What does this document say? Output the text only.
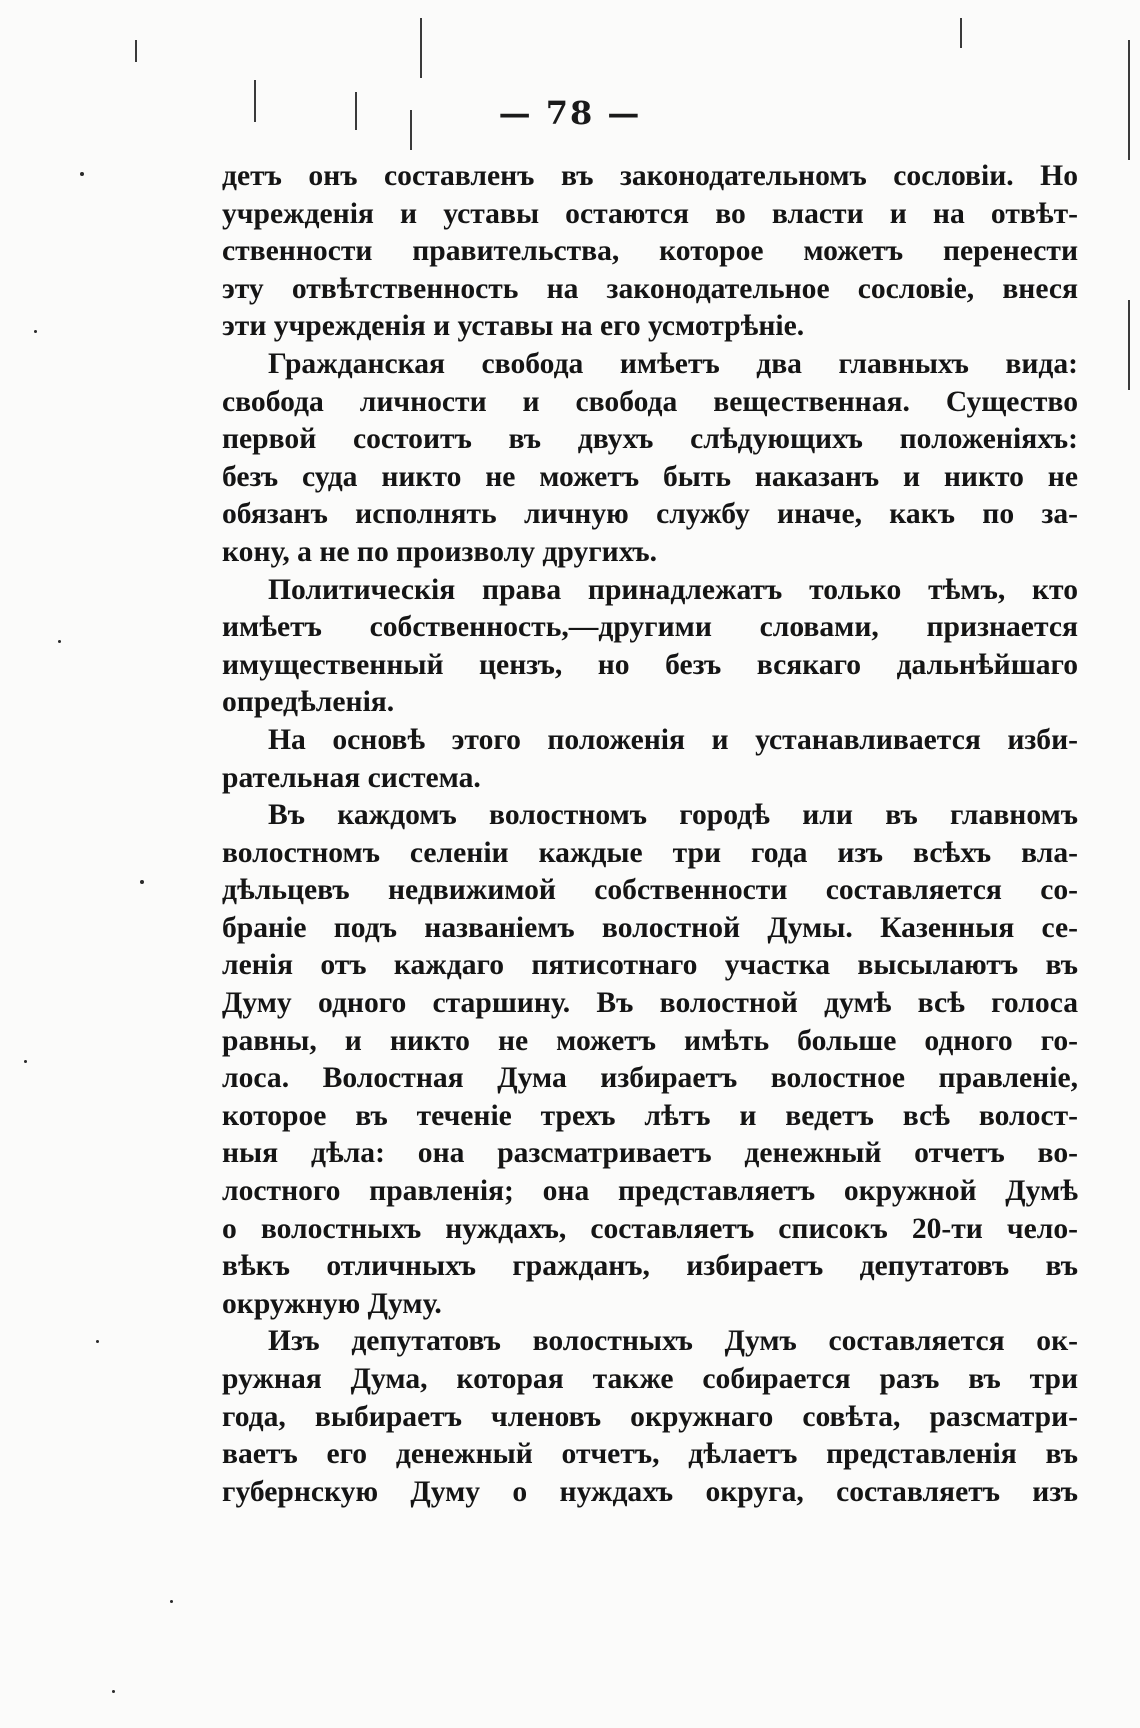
— 78 —

детъ онъ составленъ въ законодательномъ сословіи. Но
учрежденія и уставы остаются во власти и на отвѣт-
ственности правительства, которое можетъ перенести
эту отвѣтственность на законодательное сословіе, внеся
эти учрежденія и уставы на его усмотрѣніе.

Гражданская свобода имѣетъ два главныхъ вида:
свобода личности и свобода вещественная. Существо
первой состоитъ въ двухъ слѣдующихъ положеніяхъ:
безъ суда никто не можетъ быть наказанъ и никто не
обязанъ исполнять личную службу иначе, какъ по за-
кону, а не по произволу другихъ.

Политическія права принадлежатъ только тѣмъ, кто
имѣетъ собственность,—другими словами, признается
имущественный цензъ, но безъ всякаго дальнѣйшаго
опредѣленія.

На основѣ этого положенія и устанавливается изби-
рательная система.

Въ каждомъ волостномъ городѣ или въ главномъ
волостномъ селеніи каждые три года изъ всѣхъ вла-
дѣльцевъ недвижимой собственности составляется со-
браніе подъ названіемъ волостной Думы. Казенныя се-
ленія отъ каждаго пятисотнаго участка высылаютъ въ
Думу одного старшину. Въ волостной думѣ всѣ голоса
равны, и никто не можетъ имѣть больше одного го-
лоса. Волостная Дума избираетъ волостное правленіе,
которое въ теченіе трехъ лѣтъ и ведетъ всѣ волост-
ныя дѣла: она разсматриваетъ денежный отчетъ во-
лостного правленія; она представляетъ окружной Думѣ
о волостныхъ нуждахъ, составляетъ списокъ 20-ти чело-
вѣкъ отличныхъ гражданъ, избираетъ депутатовъ въ
окружную Думу.

Изъ депутатовъ волостныхъ Думъ составляется ок-
ружная Дума, которая также собирается разъ въ три
года, выбираетъ членовъ окружнаго совѣта, разсматри-
ваетъ его денежный отчетъ, дѣлаетъ представленія въ
губернскую Думу о нуждахъ округа, составляетъ изъ
